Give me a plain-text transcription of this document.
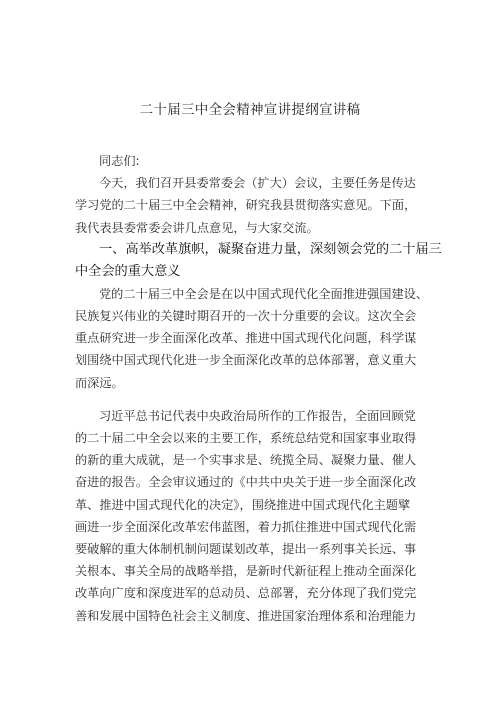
二十届三中全会精神宣讲提纲宣讲稿

同志们:

今天，我们召开县委常委会（扩大）会议，主要任务是传达
学习党的二十届三中全会精神，研究我县贯彻落实意见。下面，
我代表县委常委会讲几点意见，与大家交流。

一、高举改革旗帜，凝聚奋进力量，深刻领会党的二十届三
中全会的重大意义

党的二十届三中全会是在以中国式现代化全面推进强国建设、
民族复兴伟业的关键时期召开的一次十分重要的会议。这次全会
重点研究进一步全面深化改革、推进中国式现代化问题，科学谋
划围绕中国式现代化进一步全面深化改革的总体部署，意义重大
而深远。

习近平总书记代表中央政治局所作的工作报告，全面回顾党
的二十届二中全会以来的主要工作，系统总结党和国家事业取得
的新的重大成就，是一个实事求是、统揽全局、凝聚力量、催人
奋进的报告。全会审议通过的《中共中央关于进一步全面深化改
革、推进中国式现代化的决定》，围绕推进中国式现代化主题擘
画进一步全面深化改革宏伟蓝图，着力抓住推进中国式现代化需
要破解的重大体制机制问题谋划改革，提出一系列事关长远、事
关根本、事关全局的战略举措，是新时代新征程上推动全面深化
改革向广度和深度进军的总动员、总部署，充分体现了我们党完
善和发展中国特色社会主义制度、推进国家治理体系和治理能力
